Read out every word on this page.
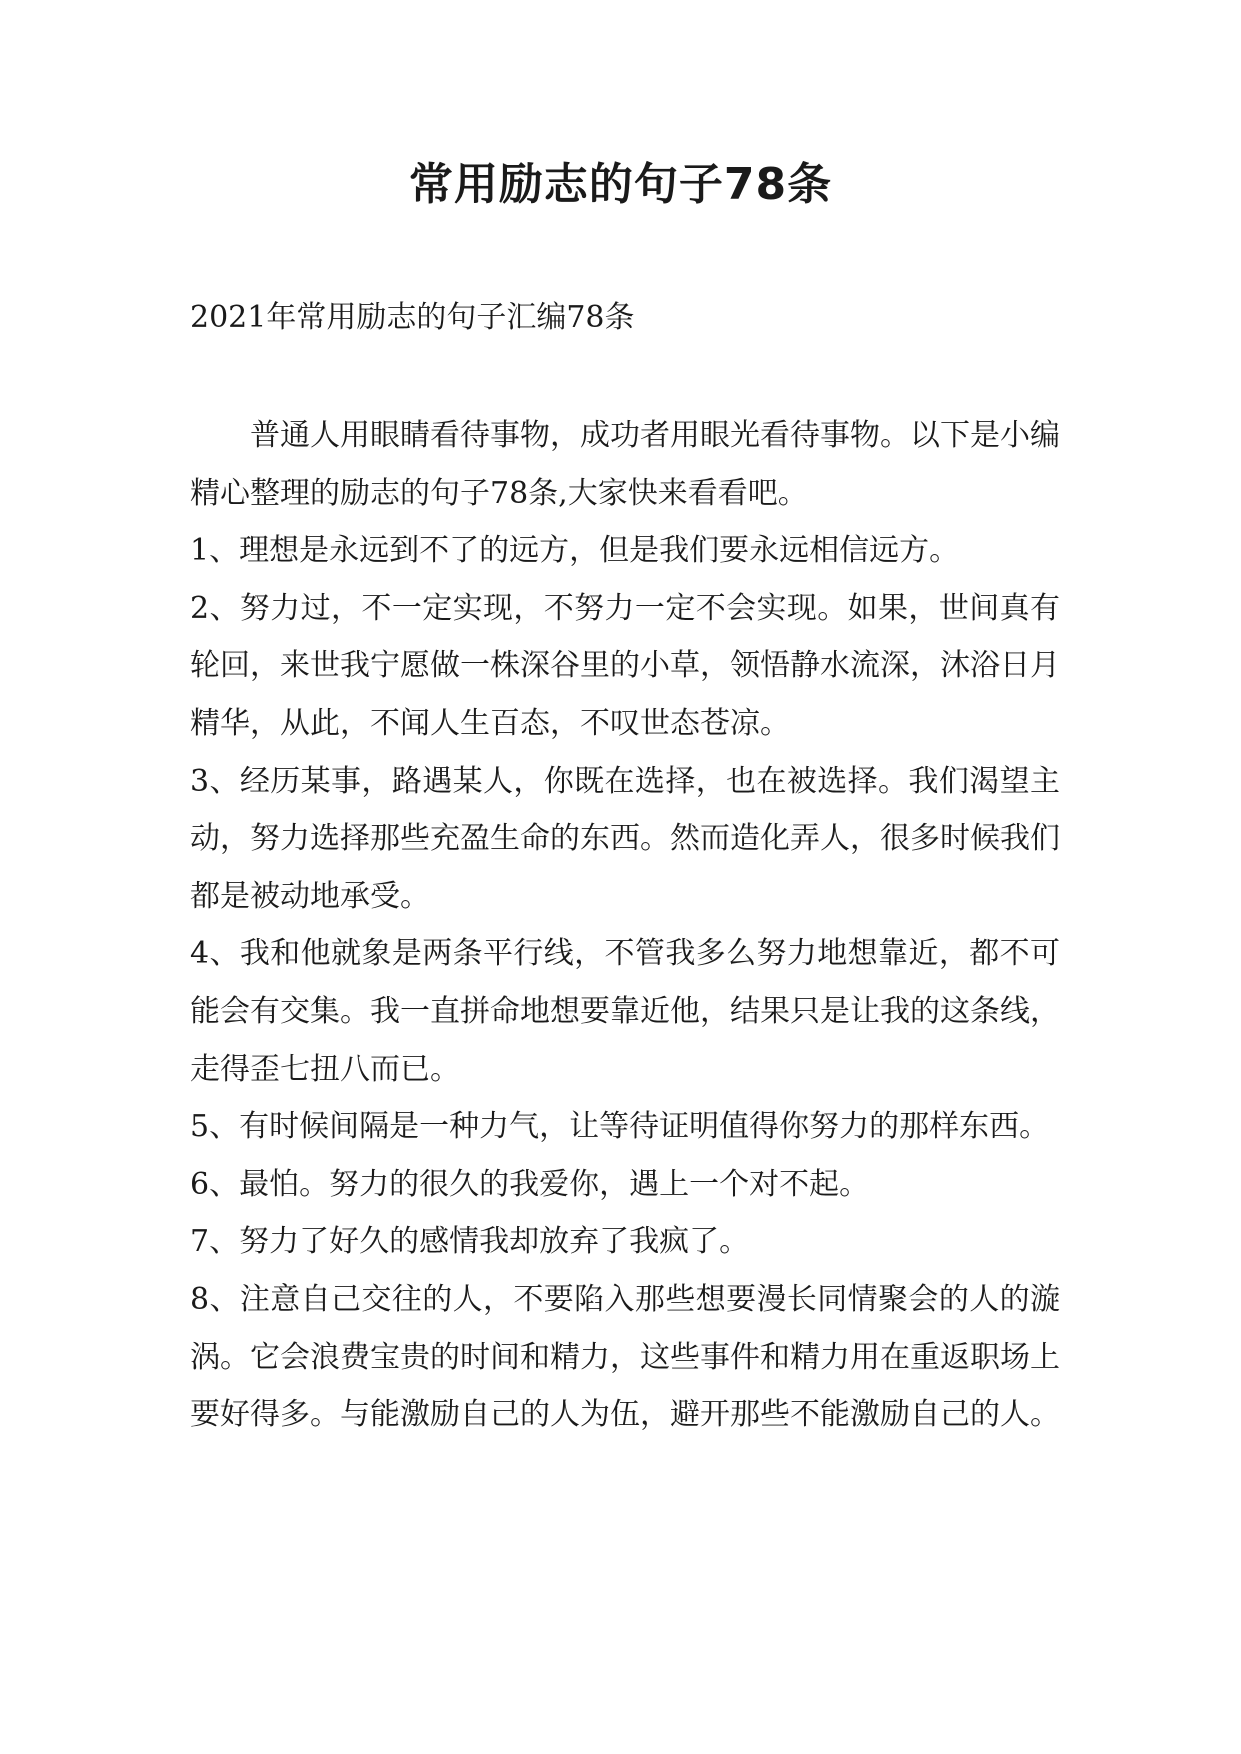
常用励志的句子78条
2021年常用励志的句子汇编78条

普通人用眼睛看待事物，成功者用眼光看待事物。以下是小编精心整理的励志的句子78条,大家快来看看吧。

1、理想是永远到不了的远方，但是我们要永远相信远方。

2、努力过，不一定实现，不努力一定不会实现。如果，世间真有轮回，来世我宁愿做一株深谷里的小草，领悟静水流深，沐浴日月精华，从此，不闻人生百态，不叹世态苍凉。

3、经历某事，路遇某人，你既在选择，也在被选择。我们渴望主动，努力选择那些充盈生命的东西。然而造化弄人，很多时候我们都是被动地承受。

4、我和他就象是两条平行线，不管我多么努力地想靠近，都不可能会有交集。我一直拼命地想要靠近他，结果只是让我的这条线，走得歪七扭八而已。

5、有时候间隔是一种力气，让等待证明值得你努力的那样东西。

6、最怕。努力的很久的我爱你，遇上一个对不起。

7、努力了好久的感情我却放弃了我疯了。

8、注意自己交往的人，不要陷入那些想要漫长同情聚会的人的漩涡。它会浪费宝贵的时间和精力，这些事件和精力用在重返职场上要好得多。与能激励自己的人为伍，避开那些不能激励自己的人。
